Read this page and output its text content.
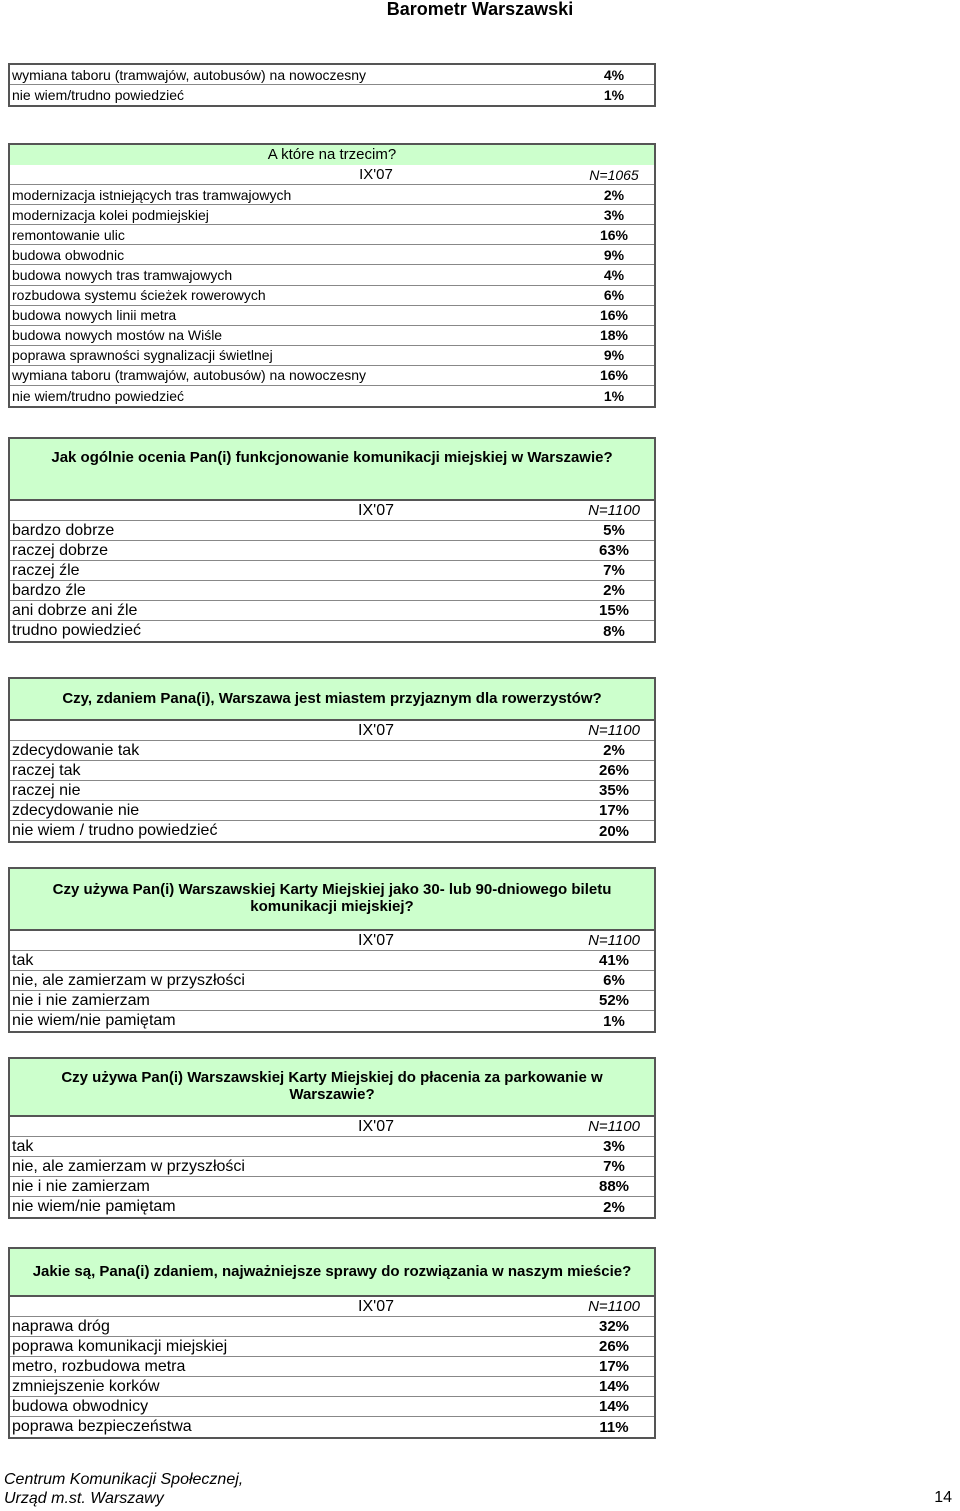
Barometr Warszawski
wymiana taboru (tramwajów, autobusów) na nowoczesny	4%
nie wiem/trudno powiedzieć	1%
A które na trzecim?
IX'07	N=1065
modernizacja istniejących tras tramwajowych	2%
modernizacja kolei podmiejskiej	3%
remontowanie ulic	16%
budowa obwodnic	9%
budowa nowych tras tramwajowych	4%
rozbudowa systemu ścieżek rowerowych	6%
budowa nowych linii metra	16%
budowa nowych mostów na Wiśle	18%
poprawa sprawności sygnalizacji świetlnej	9%
wymiana taboru (tramwajów, autobusów) na nowoczesny	16%
nie wiem/trudno powiedzieć	1%
Jak ogólnie ocenia Pan(i) funkcjonowanie komunikacji miejskiej w Warszawie?
IX'07	N=1100
bardzo dobrze	5%
raczej dobrze	63%
raczej źle	7%
bardzo źle	2%
ani dobrze ani źle	15%
trudno powiedzieć	8%
Czy, zdaniem Pana(i), Warszawa jest miastem przyjaznym dla rowerzystów?
IX'07	N=1100
zdecydowanie tak	2%
raczej tak	26%
raczej nie	35%
zdecydowanie nie	17%
nie wiem / trudno powiedzieć	20%
Czy używa Pan(i) Warszawskiej Karty Miejskiej jako 30- lub 90-dniowego biletu komunikacji miejskiej?
IX'07	N=1100
tak	41%
nie, ale zamierzam w przyszłości	6%
nie i nie zamierzam	52%
nie wiem/nie pamiętam	1%
Czy używa Pan(i) Warszawskiej Karty Miejskiej do płacenia za parkowanie w Warszawie?
IX'07	N=1100
tak	3%
nie, ale zamierzam w przyszłości	7%
nie i nie zamierzam	88%
nie wiem/nie pamiętam	2%
Jakie są, Pana(i) zdaniem, najważniejsze sprawy do rozwiązania w naszym mieście?
IX'07	N=1100
naprawa dróg	32%
poprawa komunikacji miejskiej	26%
metro, rozbudowa metra	17%
zmniejszenie korków	14%
budowa obwodnicy	14%
poprawa bezpieczeństwa	11%
Centrum Komunikacji Społecznej,
Urząd m.st. Warszawy	14
